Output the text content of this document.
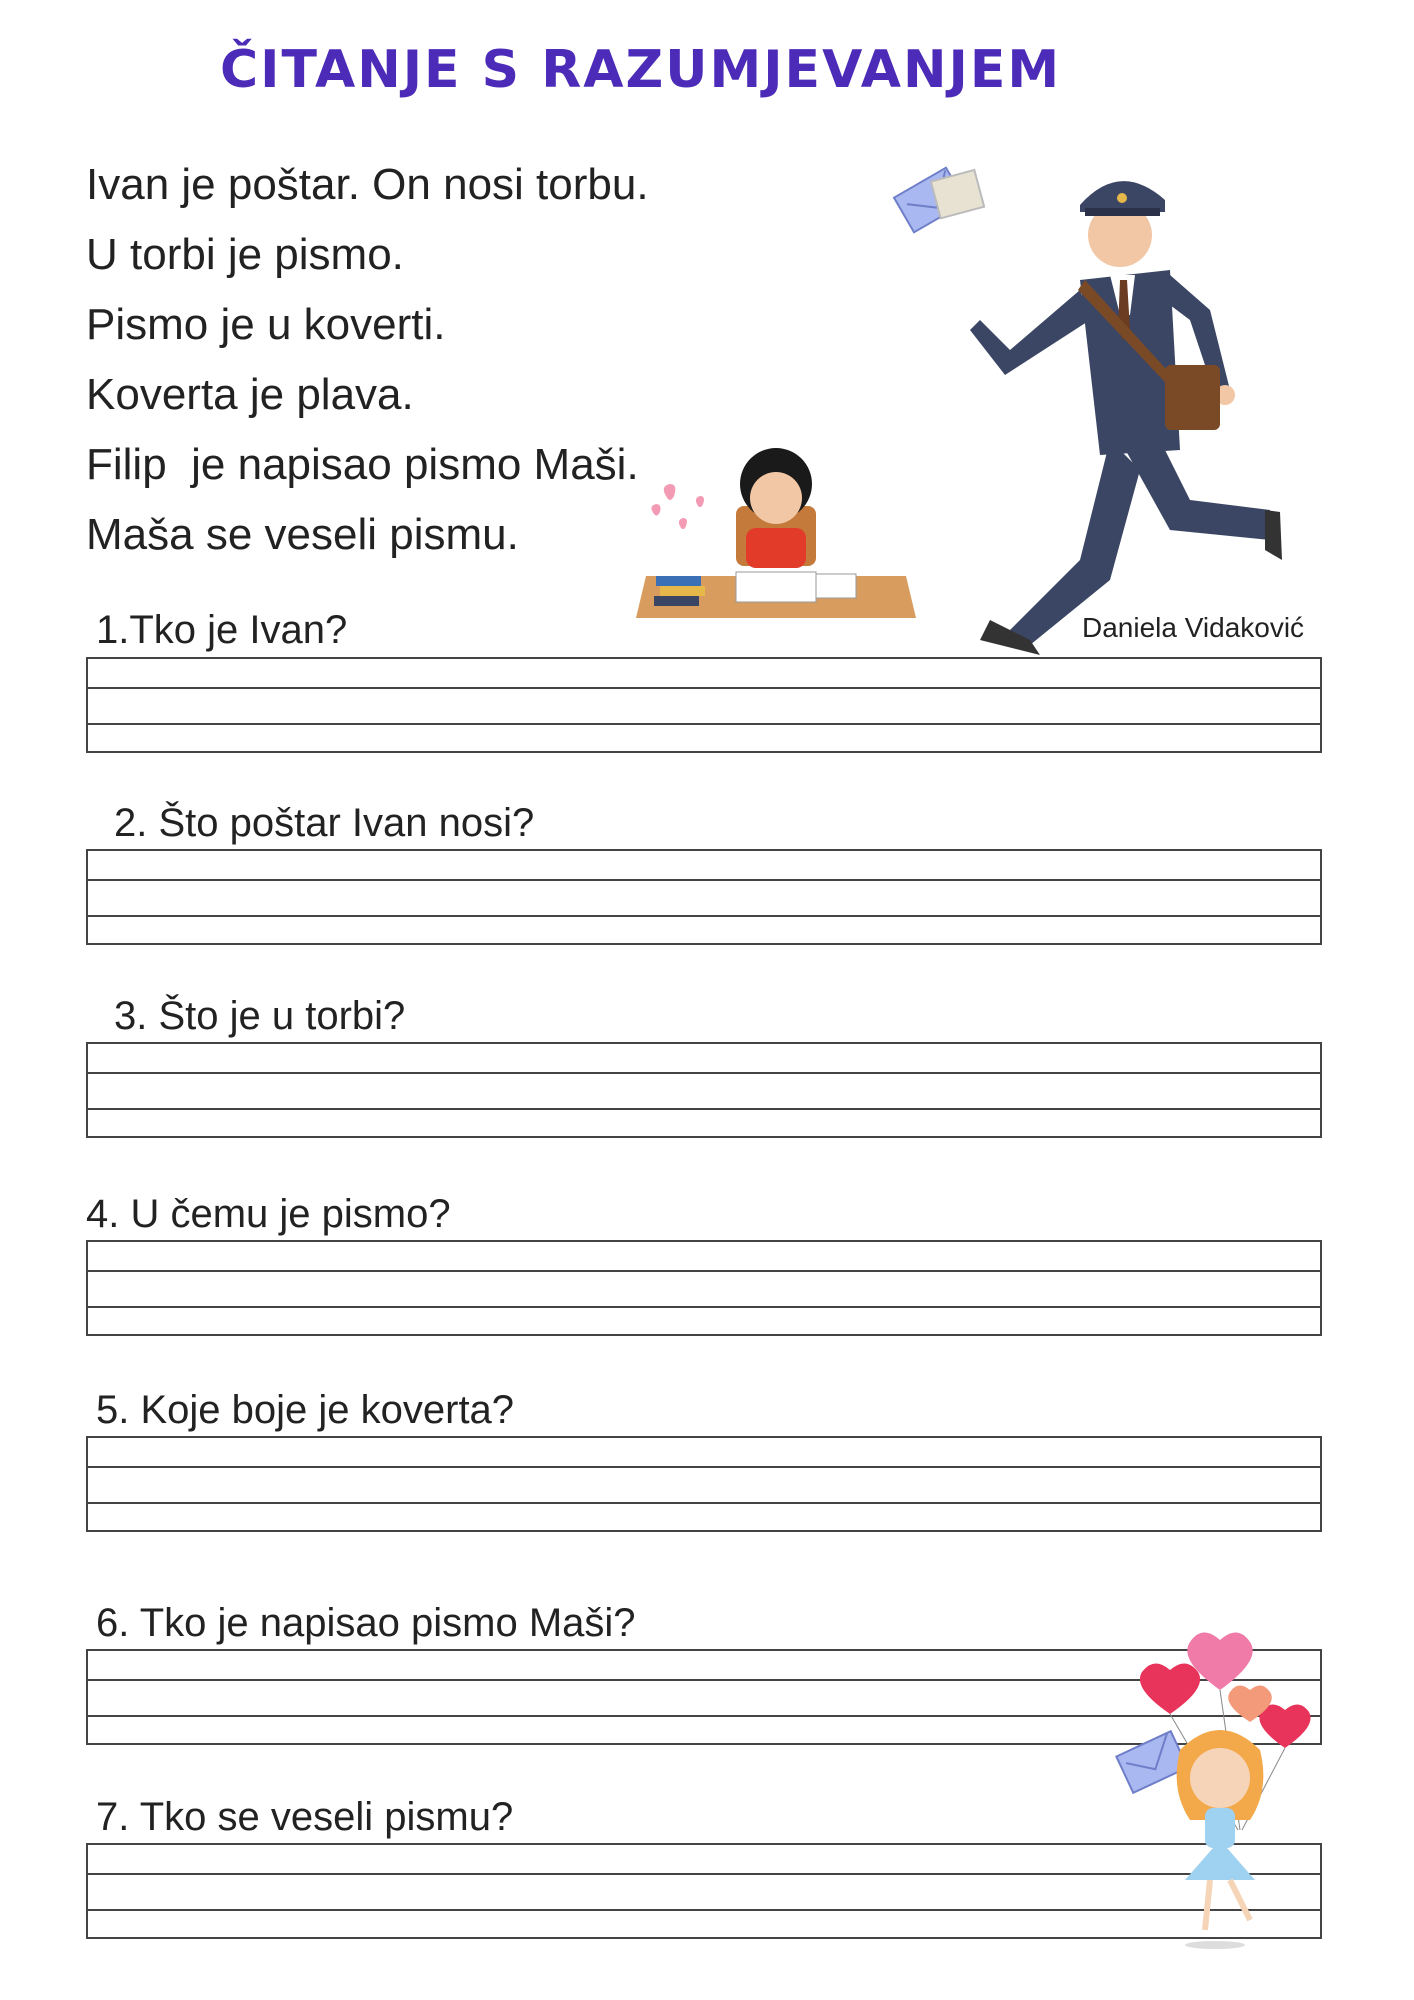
ČITANJE S RAZUMJEVANJEM
Ivan je poštar. On nosi torbu.
U torbi je pismo.
Pismo je u koverti.
Koverta je plava.
Filip  je napisao pismo Maši.
Maša se veseli pismu.
Daniela Vidaković
1.Tko je Ivan?
2. Što poštar Ivan nosi?
3. Što je u torbi?
4. U čemu je pismo?
5. Koje boje je koverta?
6. Tko je napisao pismo Maši?
7. Tko se veseli pismu?
